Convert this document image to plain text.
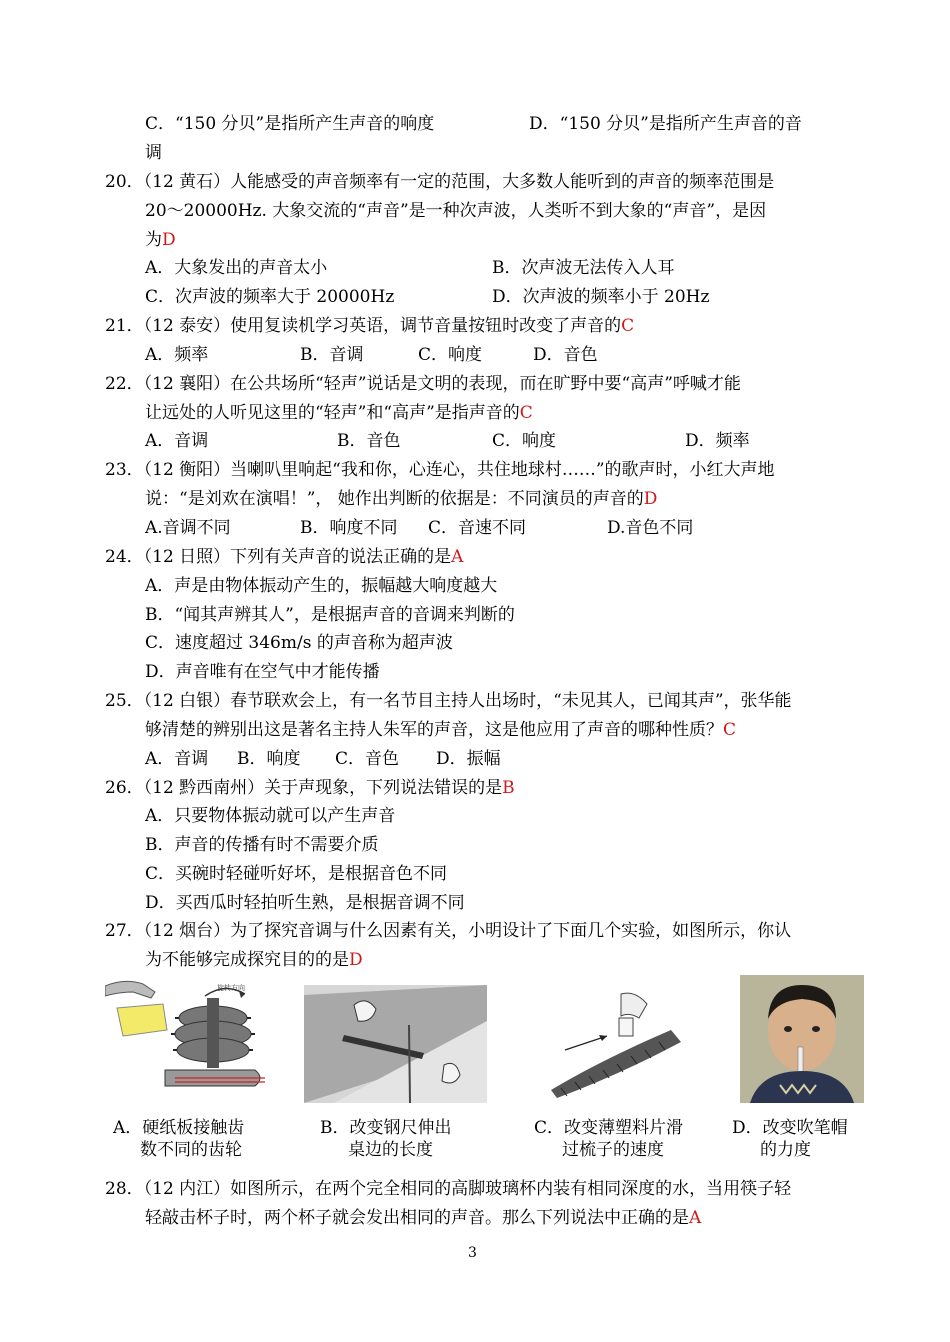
C．“150 分贝”是指所产生声音的响度	D．“150 分贝”是指所产生声音的音
调
20．（12 黄石）人能感受的声音频率有一定的范围，大多数人能听到的声音的频率范围是
20～20000Hz. 大象交流的“声音”是一种次声波，人类听不到大象的“声音”，是因
为D
A．大象发出的声音太小	B．次声波无法传入人耳
C．次声波的频率大于 20000Hz	D．次声波的频率小于 20Hz
21．（12 泰安）使用复读机学习英语，调节音量按钮时改变了声音的C
A．频率	B．音调	C．响度	D．音色
22．（12 襄阳）在公共场所“轻声”说话是文明的表现，而在旷野中要“高声”呼喊才能
让远处的人听见这里的“轻声”和“高声”是指声音的C
A．音调	B．音色	C．响度	D．频率
23．（12 衡阳）当喇叭里响起“我和你，心连心，共住地球村……”的歌声时，小红大声地
说：“是刘欢在演唱！”， 她作出判断的依据是：不同演员的声音的D
A.音调不同	B．响度不同 C．音速不同	D.音色不同
24．（12 日照）下列有关声音的说法正确的是A
A．声是由物体振动产生的，振幅越大响度越大
B．“闻其声辨其人”，是根据声音的音调来判断的
C．速度超过 346m/s 的声音称为超声波
D．声音唯有在空气中才能传播
25．（12 白银）春节联欢会上，有一名节目主持人出场时，“未见其人，已闻其声”，张华能
够清楚的辨别出这是著名主持人朱军的声音，这是他应用了声音的哪种性质？C
A．音调 B．响度 C．音色 D．振幅
26．（12 黔西南州）关于声现象，下列说法错误的是B
A．只要物体振动就可以产生声音
B．声音的传播有时不需要介质
C．买碗时轻碰听好坏，是根据音色不同
D．买西瓜时轻拍听生熟，是根据音调不同
27．（12 烟台）为了探究音调与什么因素有关，小明设计了下面几个实验，如图所示，你认
为不能够完成探究目的的是D
旋转方向
A．硬纸板接触齿
数不同的齿轮
B．改变钢尺伸出
桌边的长度
C．改变薄塑料片滑
过梳子的速度
D．改变吹笔帽
的力度
28．（12 内江）如图所示，在两个完全相同的高脚玻璃杯内装有相同深度的水，当用筷子轻
轻敲击杯子时，两个杯子就会发出相同的声音。那么下列说法中正确的是A
3
